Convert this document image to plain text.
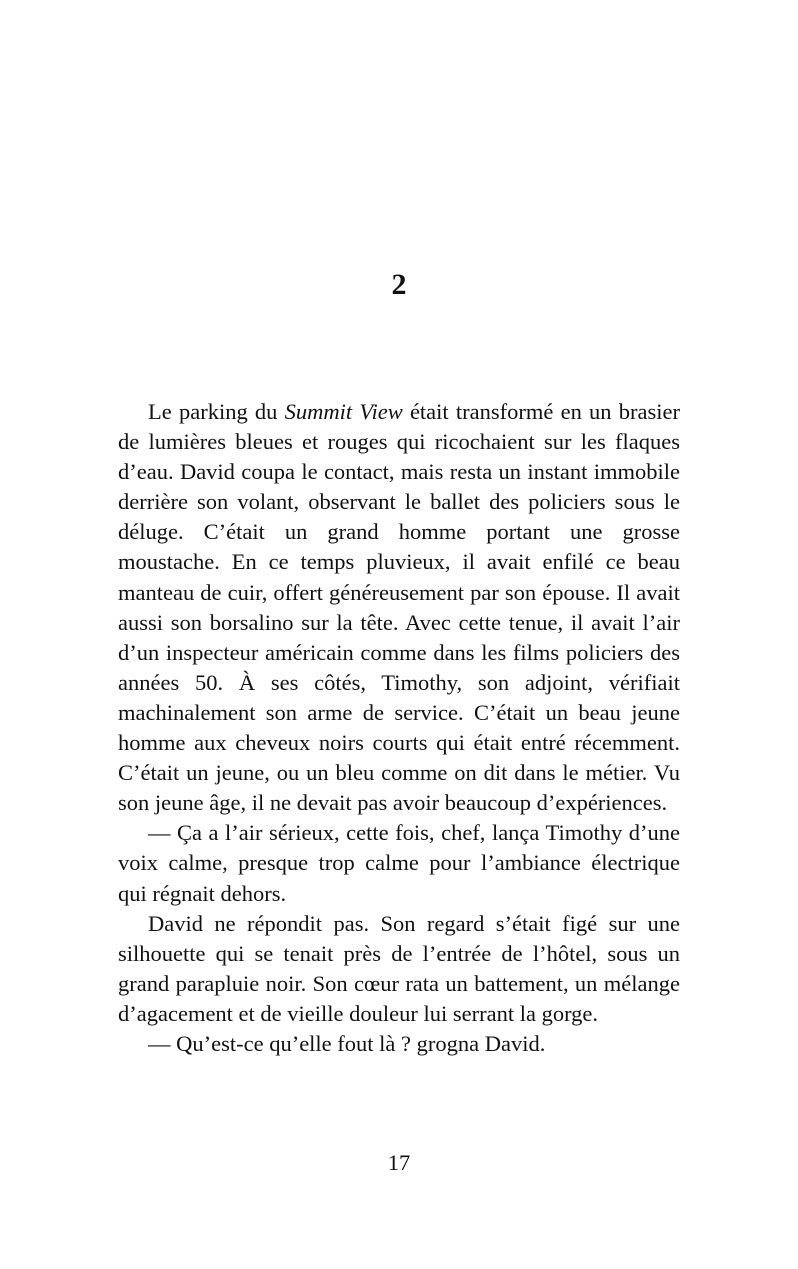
2

Le parking du Summit View était transformé en un brasier de lumières bleues et rouges qui ricochaient sur les flaques d’eau. David coupa le contact, mais resta un instant immobile derrière son volant, observant le ballet des policiers sous le déluge. C’était un grand homme portant une grosse moustache. En ce temps pluvieux, il avait enfilé ce beau manteau de cuir, offert généreusement par son épouse. Il avait aussi son borsalino sur la tête. Avec cette tenue, il avait l’air d’un inspecteur américain comme dans les films policiers des années 50. À ses côtés, Timothy, son adjoint, vérifiait machinalement son arme de service. C’était un beau jeune homme aux cheveux noirs courts qui était entré récemment. C’était un jeune, ou un bleu comme on dit dans le métier. Vu son jeune âge, il ne devait pas avoir beaucoup d’expériences.

— Ça a l’air sérieux, cette fois, chef, lança Timothy d’une voix calme, presque trop calme pour l’ambiance électrique qui régnait dehors.

David ne répondit pas. Son regard s’était figé sur une silhouette qui se tenait près de l’entrée de l’hôtel, sous un grand parapluie noir. Son cœur rata un battement, un mélange d’agacement et de vieille douleur lui serrant la gorge.

— Qu’est-ce qu’elle fout là ? grogna David.

17
